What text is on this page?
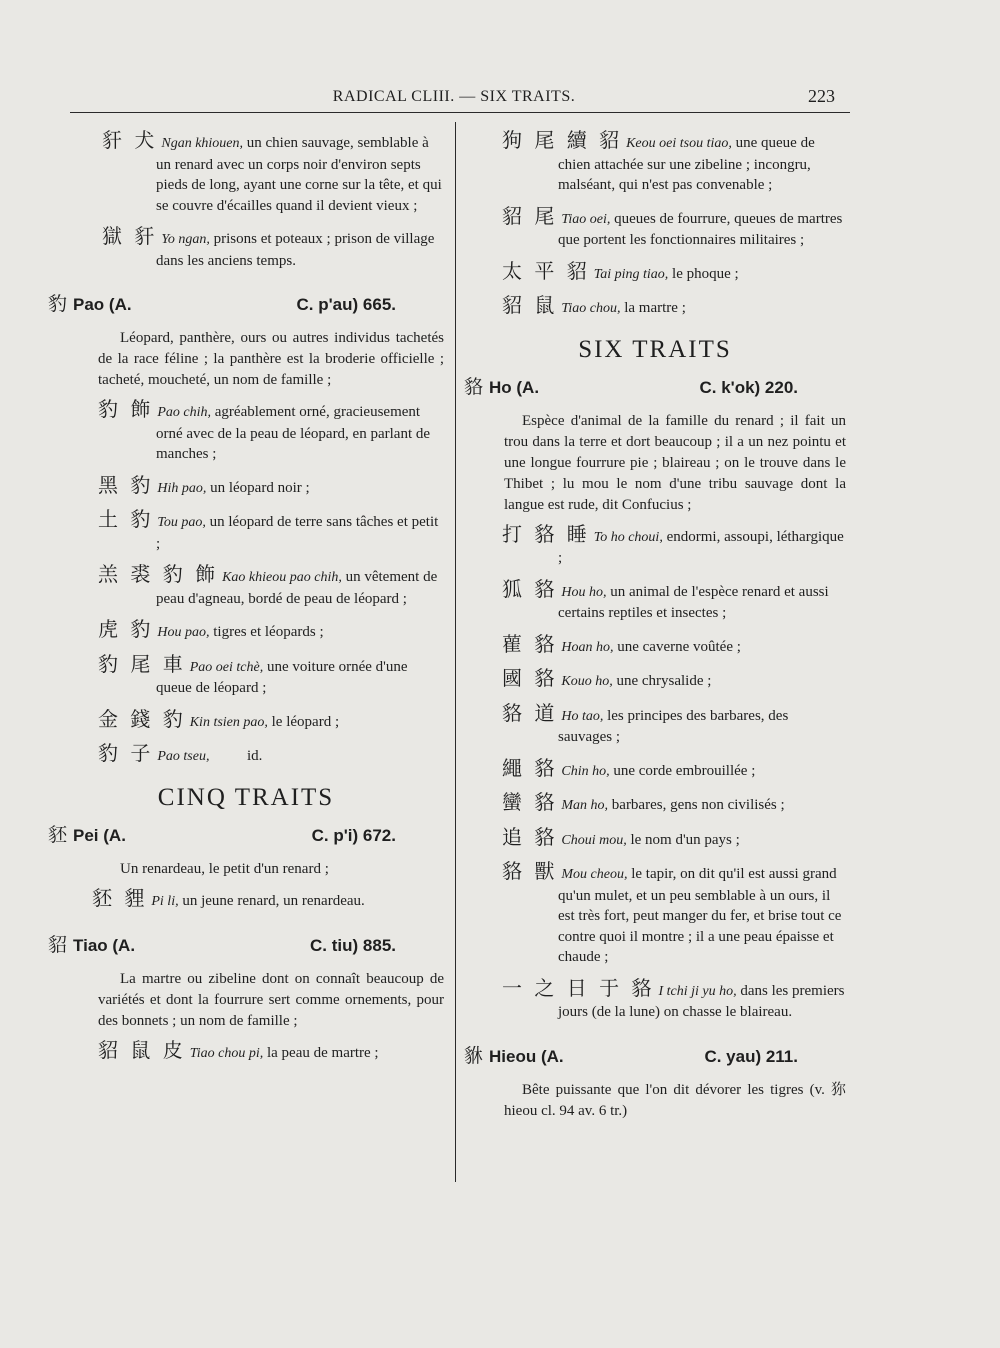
RADICAL CLIII. — SIX TRAITS.	223
豻 犬 Ngan khiouen, un chien sauvage, semblable à un renard avec un corps noir d'environ septs pieds de long, ayant une corne sur la tête, et qui se couvre d'écailles quand il devient vieux ;
獄 豻 Yo ngan, prisons et poteaux ; prison de village dans les anciens temps.
豹 Pao (A.	C. p'au) 665.

Léopard, panthère, ours ou autres individus tachetés de la race féline ; la panthère est la broderie officielle ; tacheté, moucheté, un nom de famille ;

豹 飾 Pao chih, agréablement orné, gracieusement orné avec de la peau de léopard, en parlant de manches ;
黑 豹 Hih pao, un léopard noir ;
土 豹 Tou pao, un léopard de terre sans tâches et petit ;
羔 裘 豹 飾 Kao khieou pao chih, un vêtement de peau d'agneau, bordé de peau de léopard ;
虎 豹 Hou pao, tigres et léopards ;
豹 尾 車 Pao oei tchè, une voiture ornée d'une queue de léopard ;
金 錢 豹 Kin tsien pao, le léopard ;
豹 子 Pao tseu,          id.
CINQ TRAITS
豾 Pei (A.	C. p'i) 672.

Un renardeau, le petit d'un renard ;

豾 貍 Pi li, un jeune renard, un renardeau.
貂 Tiao (A.	C. tiu) 885.

La martre ou zibeline dont on connaît beaucoup de variétés et dont la fourrure sert comme ornements, pour des bonnets ; un nom de famille ;

貂 鼠 皮 Tiao chou pi, la peau de martre ;
狗 尾 續 貂 Keou oei tsou tiao, une queue de chien attachée sur une zibeline ; incongru, malséant, qui n'est pas convenable ;
貂 尾 Tiao oei, queues de fourrure, queues de martres que portent les fonctionnaires militaires ;
太 平 貂 Tai ping tiao, le phoque ;
貂 鼠 Tiao chou, la martre ;
SIX TRAITS
貉 Ho (A.	C. k'ok) 220.

Espèce d'animal de la famille du renard ; il fait un trou dans la terre et dort beaucoup ; il a un nez pointu et une longue fourrure pie ; blaireau ; on le trouve dans le Thibet ; lu mou le nom d'une tribu sauvage dont la langue est rude, dit Confucius ;

打 貉 睡 To ho choui, endormi, assoupi, léthargique ;
狐 貉 Hou ho, un animal de l'espèce renard et aussi certains reptiles et insectes ;
雚 貉 Hoan ho, une caverne voûtée ;
國 貉 Kouo ho, une chrysalide ;
貉 道 Ho tao, les principes des barbares, des sauvages ;
繩 貉 Chin ho, une corde embrouillée ;
蠻 貉 Man ho, barbares, gens non civilisés ;
追 貉 Choui mou, le nom d'un pays ;
貉 獸 Mou cheou, le tapir, on dit qu'il est aussi grand qu'un mulet, et un peu semblable à un ours, il est très fort, peut manger du fer, et brise tout ce contre quoi il montre ; il a une peau épaisse et chaude ;
一 之 日 于 貉 I tchi ji yu ho, dans les premiers jours (de la lune) on chasse le blaireau.
貅 Hieou (A.	C. yau) 211.

Bête puissante que l'on dit dévorer les tigres (v. 狝 hieou cl. 94 av. 6 tr.)
